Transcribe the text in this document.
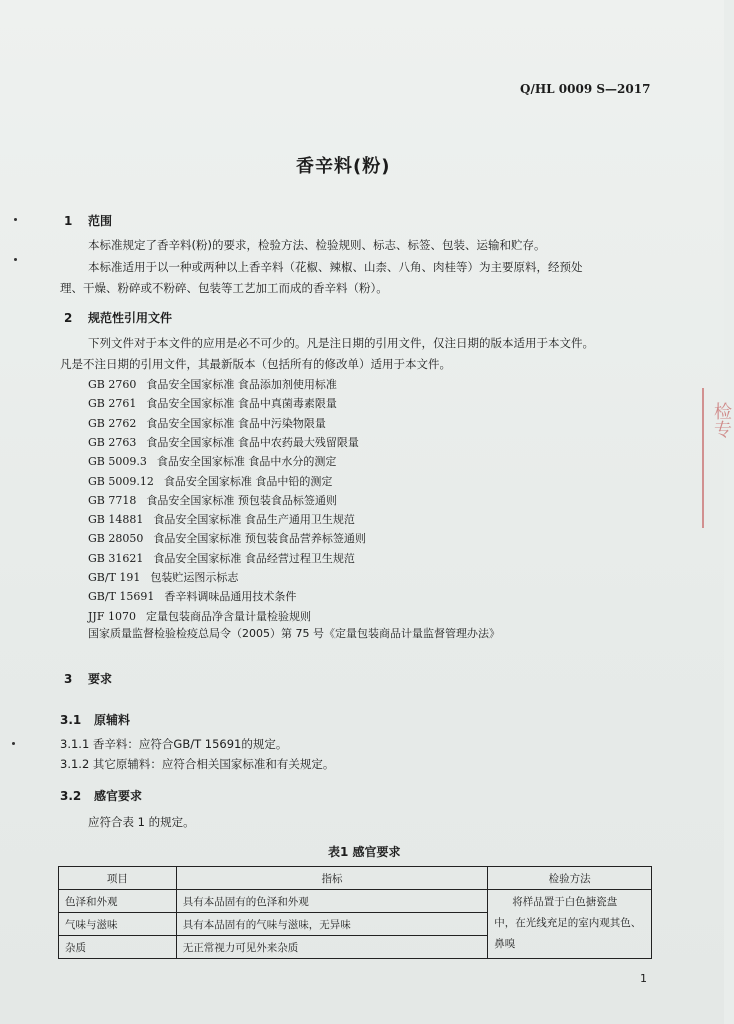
Q/HL 0009 S—2017
香辛料(粉)
1 范围
本标准规定了香辛料(粉)的要求，检验方法、检验规则、标志、标签、包装、运输和贮存。
本标准适用于以一种或两种以上香辛料（花椒、辣椒、山柰、八角、肉桂等）为主要原料，经预处
理、干燥、粉碎或不粉碎、包装等工艺加工而成的香辛料（粉）。
2 规范性引用文件
下列文件对于本文件的应用是必不可少的。凡是注日期的引用文件，仅注日期的版本适用于本文件。
凡是不注日期的引用文件，其最新版本（包括所有的修改单）适用于本文件。
GB 2760 食品安全国家标准 食品添加剂使用标准
GB 2761 食品安全国家标准 食品中真菌毒素限量
GB 2762 食品安全国家标准 食品中污染物限量
GB 2763 食品安全国家标准 食品中农药最大残留限量
GB 5009.3 食品安全国家标准 食品中水分的测定
GB 5009.12 食品安全国家标准 食品中铅的测定
GB 7718 食品安全国家标准 预包装食品标签通则
GB 14881 食品安全国家标准 食品生产通用卫生规范
GB 28050 食品安全国家标准 预包装食品营养标签通则
GB 31621 食品安全国家标准 食品经营过程卫生规范
GB/T 191 包装贮运图示标志
GB/T 15691 香辛料调味品通用技术条件
JJF 1070 定量包装商品净含量计量检验规则
国家质量监督检验检疫总局令（2005）第 75 号《定量包装商品计量监督管理办法》
3 要求
3.1 原辅料
3.1.1 香辛料：应符合GB/T 15691的规定。
3.1.2 其它原辅料：应符合相关国家标准和有关规定。
3.2 感官要求
应符合表 1 的规定。
表1 感官要求
项目	指标	检验方法
色泽和外观	具有本品固有的色泽和外观	将样品置于白色搪瓷盘
中，在光线充足的室内观其色、
鼻嗅

气味与滋味	具有本品固有的气味与滋味，无异味	
杂质	无正常视力可见外来杂质	
检专
1
